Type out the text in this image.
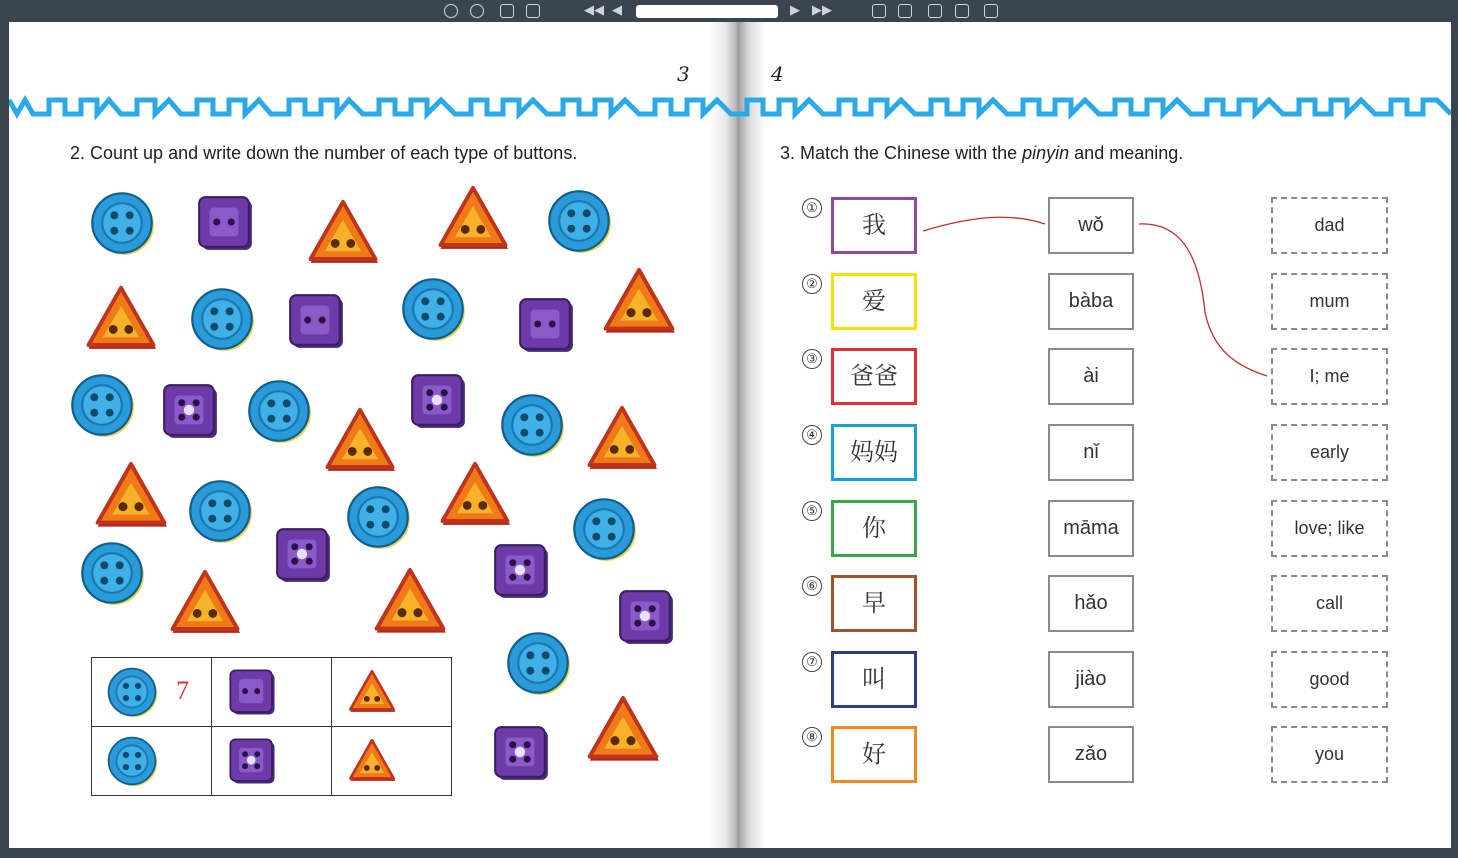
◀◀ ◀	▶ ▶▶
3	4
2. Count up and write down the number of each type of buttons.
7

3. Match the Chinese with the pinyin and meaning.
①
我	wǒ	dad
②
爱	bàba	mum
③
爸爸	ài	I; me
④
妈妈	nǐ	early
⑤
你	māma	love; like
⑥
早	hǎo	call
⑦
叫	jiào	good
⑧
好	zǎo	you
